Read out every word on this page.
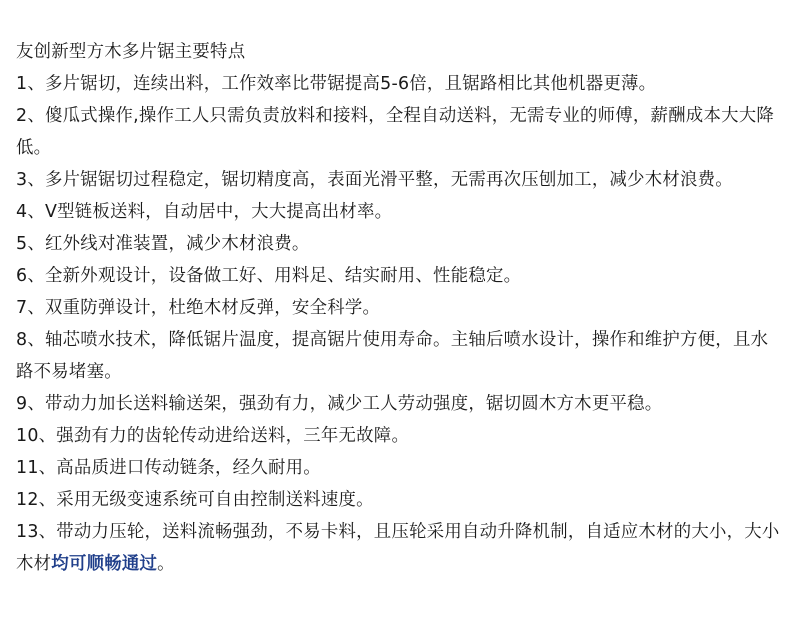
友创新型方木多片锯主要特点

1、多片锯切，连续出料，工作效率比带锯提高5-6倍，且锯路相比其他机器更薄。

2、傻瓜式操作,操作工人只需负责放料和接料，全程自动送料，无需专业的师傅，薪酬成本大大降低。

3、多片锯锯切过程稳定，锯切精度高，表面光滑平整，无需再次压刨加工，减少木材浪费。

4、V型链板送料，自动居中，大大提高出材率。

5、红外线对准装置，减少木材浪费。

6、全新外观设计，设备做工好、用料足、结实耐用、性能稳定。

7、双重防弹设计，杜绝木材反弹，安全科学。

8、轴芯喷水技术，降低锯片温度，提高锯片使用寿命。主轴后喷水设计，操作和维护方便，且水路不易堵塞。

9、带动力加长送料输送架，强劲有力，减少工人劳动强度，锯切圆木方木更平稳。

10、强劲有力的齿轮传动进给送料，三年无故障。

11、高品质进口传动链条，经久耐用。

12、采用无级变速系统可自由控制送料速度。

13、带动力压轮，送料流畅强劲，不易卡料，且压轮采用自动升降机制，自适应木材的大小，大小木材均可顺畅通过。
